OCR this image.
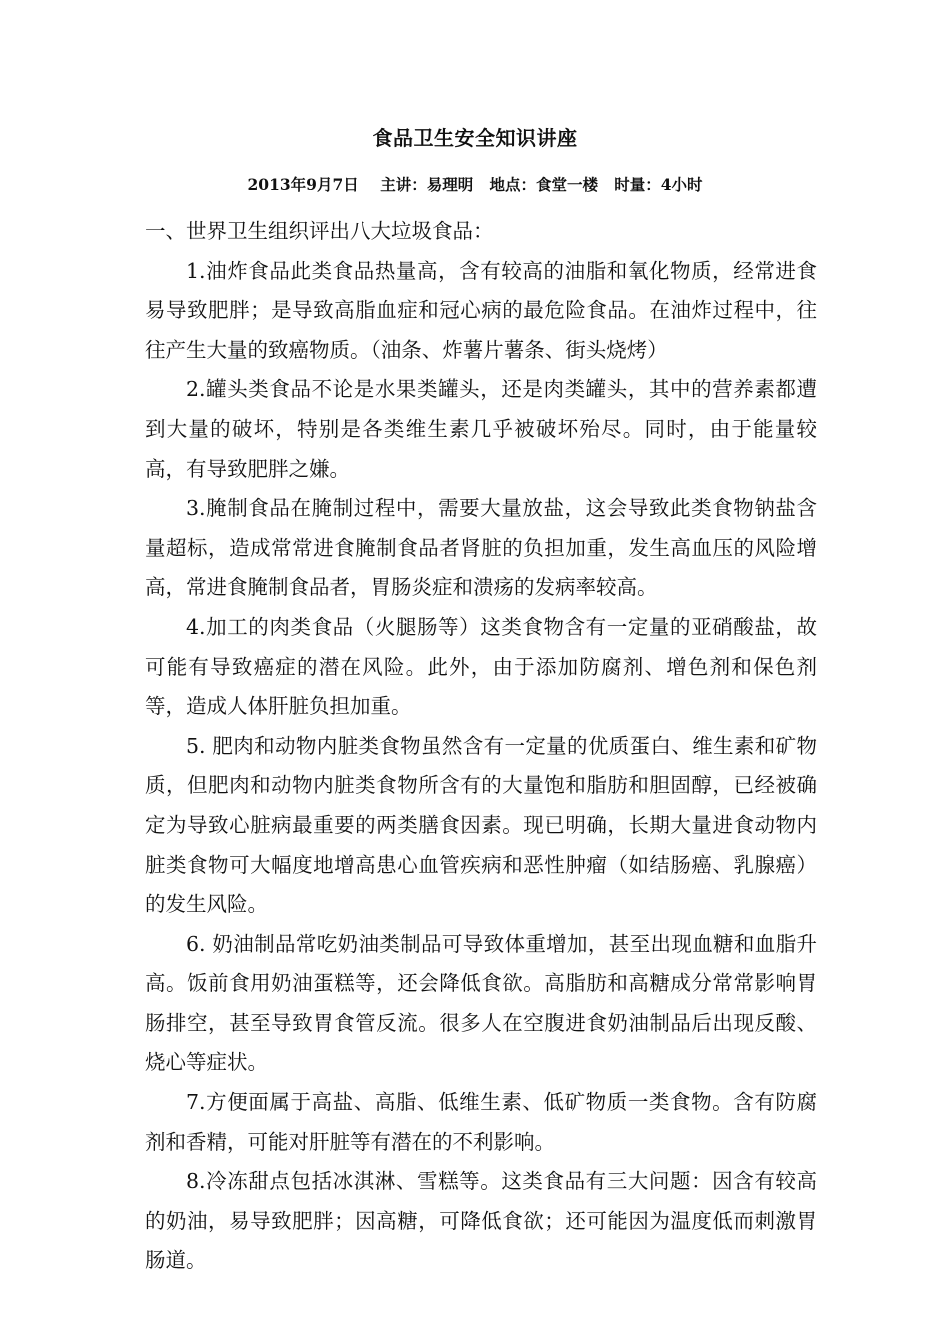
食品卫生安全知识讲座
2013年9月7日    主讲：易理明   地点：食堂一楼   时量：4小时

一、世界卫生组织评出八大垃圾食品：

1.油炸食品此类食品热量高，含有较高的油脂和氧化物质，经常进食易导致肥胖；是导致高脂血症和冠心病的最危险食品。在油炸过程中，往往产生大量的致癌物质。（油条、炸薯片薯条、街头烧烤）

2.罐头类食品不论是水果类罐头，还是肉类罐头，其中的营养素都遭到大量的破坏，特别是各类维生素几乎被破坏殆尽。同时，由于能量较高，有导致肥胖之嫌。

3.腌制食品在腌制过程中，需要大量放盐，这会导致此类食物钠盐含量超标，造成常常进食腌制食品者肾脏的负担加重，发生高血压的风险增高，常进食腌制食品者，胃肠炎症和溃疡的发病率较高。

4.加工的肉类食品（火腿肠等）这类食物含有一定量的亚硝酸盐，故可能有导致癌症的潜在风险。此外，由于添加防腐剂、增色剂和保色剂等，造成人体肝脏负担加重。

5. 肥肉和动物内脏类食物虽然含有一定量的优质蛋白、维生素和矿物质，但肥肉和动物内脏类食物所含有的大量饱和脂肪和胆固醇，已经被确定为导致心脏病最重要的两类膳食因素。现已明确，长期大量进食动物内脏类食物可大幅度地增高患心血管疾病和恶性肿瘤（如结肠癌、乳腺癌）的发生风险。

6. 奶油制品常吃奶油类制品可导致体重增加，甚至出现血糖和血脂升高。饭前食用奶油蛋糕等，还会降低食欲。高脂肪和高糖成分常常影响胃肠排空，甚至导致胃食管反流。很多人在空腹进食奶油制品后出现反酸、烧心等症状。

7.方便面属于高盐、高脂、低维生素、低矿物质一类食物。含有防腐剂和香精，可能对肝脏等有潜在的不利影响。

8.冷冻甜点包括冰淇淋、雪糕等。这类食品有三大问题：因含有较高的奶油，易导致肥胖；因高糖，可降低食欲；还可能因为温度低而刺激胃肠道。
